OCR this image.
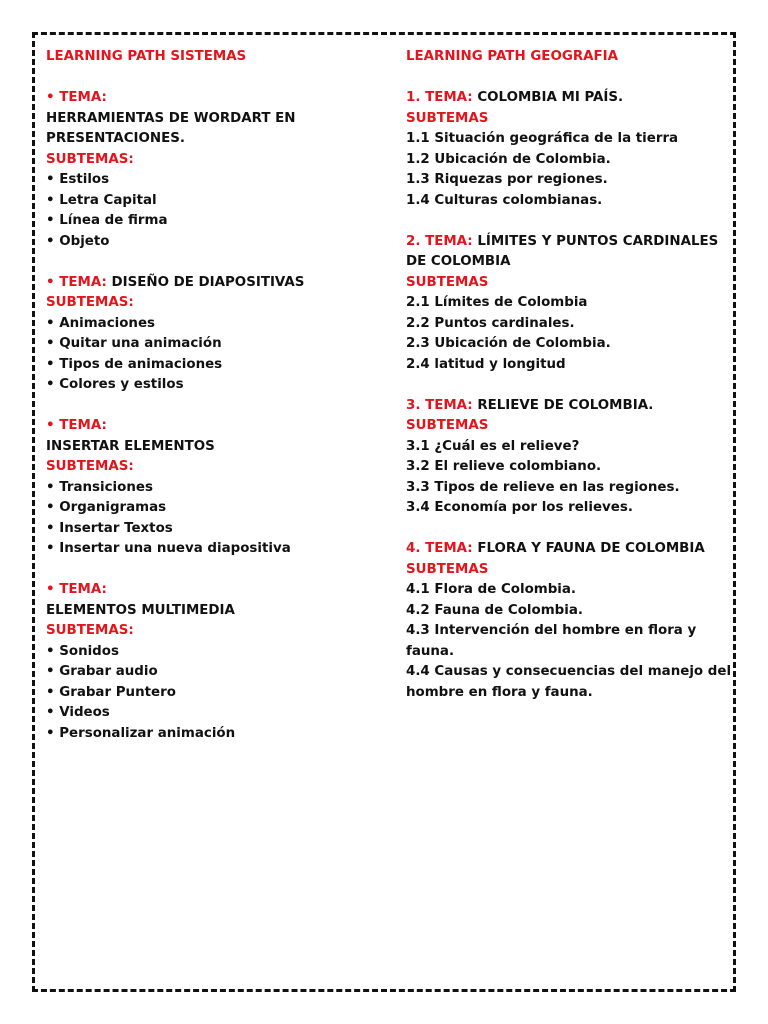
LEARNING PATH SISTEMAS
• TEMA:
HERRAMIENTAS DE WORDART EN PRESENTACIONES.
SUBTEMAS:
• Estilos
• Letra Capital
• Línea de firma
• Objeto
• TEMA: DISEÑO DE DIAPOSITIVAS
SUBTEMAS:
• Animaciones
• Quitar una animación
• Tipos de animaciones
• Colores y estilos
• TEMA:
INSERTAR ELEMENTOS
SUBTEMAS:
• Transiciones
• Organigramas
• Insertar Textos
• Insertar una nueva diapositiva
• TEMA:
ELEMENTOS MULTIMEDIA
SUBTEMAS:
• Sonidos
• Grabar audio
• Grabar Puntero
• Videos
• Personalizar animación
LEARNING PATH GEOGRAFIA
1. TEMA: COLOMBIA MI PAÍS.
SUBTEMAS
1.1 Situación geográfica de la tierra
1.2 Ubicación de Colombia.
1.3 Riquezas por regiones.
1.4 Culturas colombianas.
2. TEMA: LÍMITES Y PUNTOS CARDINALES DE COLOMBIA
SUBTEMAS
2.1 Límites de Colombia
2.2 Puntos cardinales.
2.3 Ubicación de Colombia.
2.4 latitud y longitud
3. TEMA: RELIEVE DE COLOMBIA.
SUBTEMAS
3.1 ¿Cuál es el relieve?
3.2 El relieve colombiano.
3.3 Tipos de relieve en las regiones.
3.4 Economía por los relieves.
4. TEMA: FLORA Y FAUNA DE COLOMBIA
SUBTEMAS
4.1 Flora de Colombia.
4.2 Fauna de Colombia.
4.3 Intervención del hombre en flora y fauna.
4.4 Causas y consecuencias del manejo del
hombre en flora y fauna.
